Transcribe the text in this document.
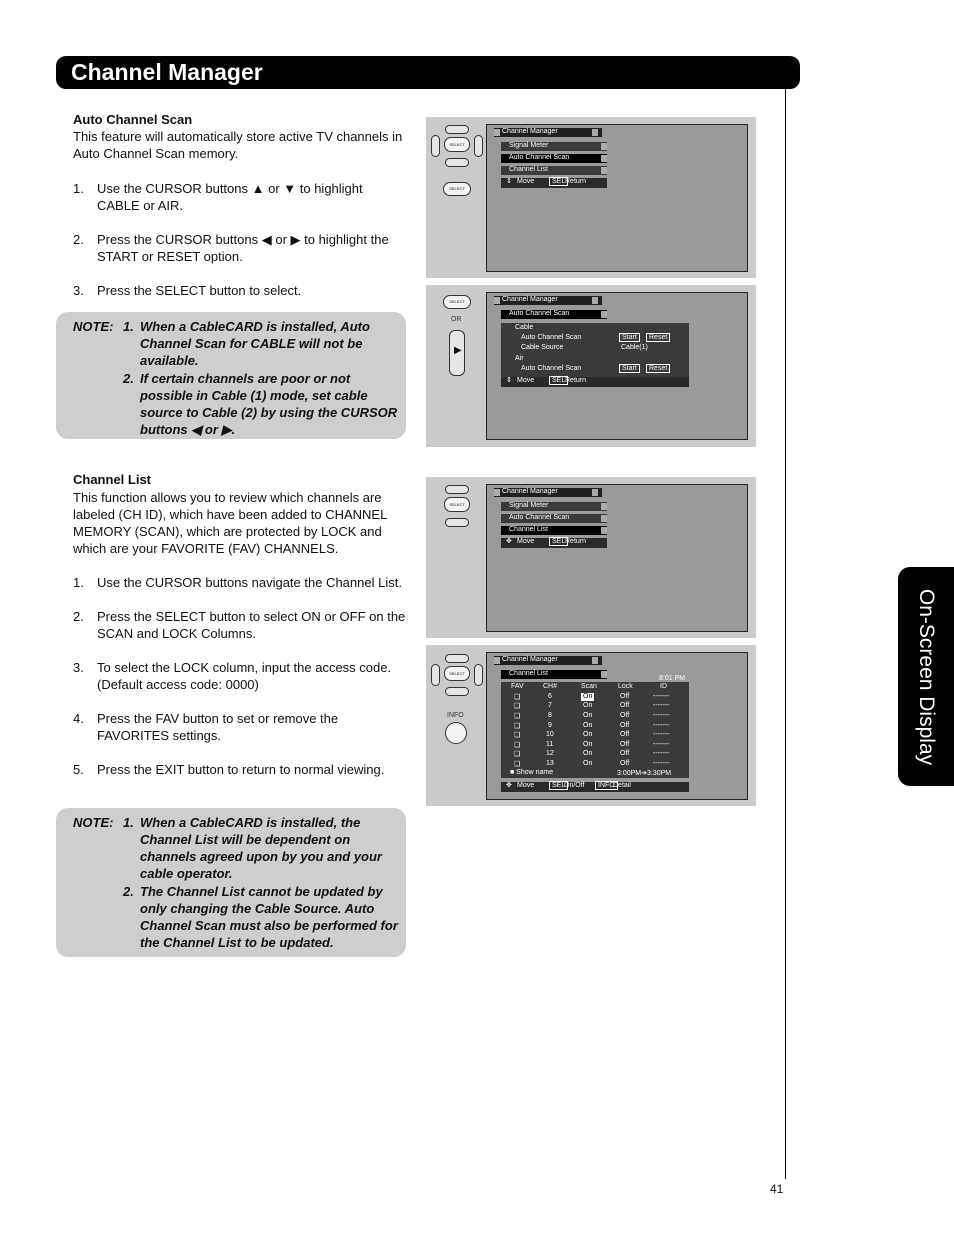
Channel Manager
On-Screen Display
41
Auto Channel Scan
This feature will automatically store active TV channels in Auto Channel Scan memory.
1. Use the CURSOR buttons ▲ or ▼ to highlight CABLE or AIR.
2. Press the CURSOR buttons ◀ or ▶ to highlight the START or RESET option.
3. Press the SELECT button to select.
NOTE: 1. When a CableCARD is installed, Auto Channel Scan for CABLE will not be available.
2. If certain channels are poor or not possible in Cable (1) mode, set cable source to Cable (2) by using the CURSOR buttons ◀ or ▶.
Channel List
This function allows you to review which channels are labeled (CH ID), which have been added to CHANNEL MEMORY (SCAN), which are protected by LOCK and which are your FAVORITE (FAV) CHANNELS.
1. Use the CURSOR buttons navigate the Channel List.
2. Press the SELECT button to select ON or OFF on the SCAN and LOCK Columns.
3. To select the LOCK column, input the access code. (Default access code: 0000)
4. Press the FAV button to set or remove the FAVORITES settings.
5. Press the EXIT button to return to normal viewing.
NOTE: 1. When a CableCARD is installed, the Channel List will be dependent on channels agreed upon by you and your cable operator.
2. The Channel List cannot be updated by only changing the Cable Source. Auto Channel Scan must also be performed for the Channel List to be updated.
SELECT
SELECT
Channel Manager
Signal Meter
Auto Channel Scan
Channel List
⇕ Move	SEL Return
SELECT
OR
▶
Channel Manager
Auto Channel Scan
Cable
Auto Channel Scan	Start	Reset
Cable Source	Cable(1)
Air
Auto Channel Scan	Start	Reset
⇕ Move	SEL Return
SELECT
Channel Manager
Signal Meter
Auto Channel Scan
Channel List
✥ Move	SEL Return
SELECT
INFO
Channel Manager
Channel List
8:01 PM
FAV	CH#	Scan	Lock	ID
❑	6	On	Off	-------
❑	7	On	Off	-------
❑	8	On	Off	-------
❑	9	On	Off	-------
❑	10	On	Off	-------
❑	11	On	Off	-------
❑	12	On	Off	-------
❑	13	On	Off	-------
■ Show name	3:00PM➔3:30PM
✥ Move	SEL
On/Off	INFO
Detail
